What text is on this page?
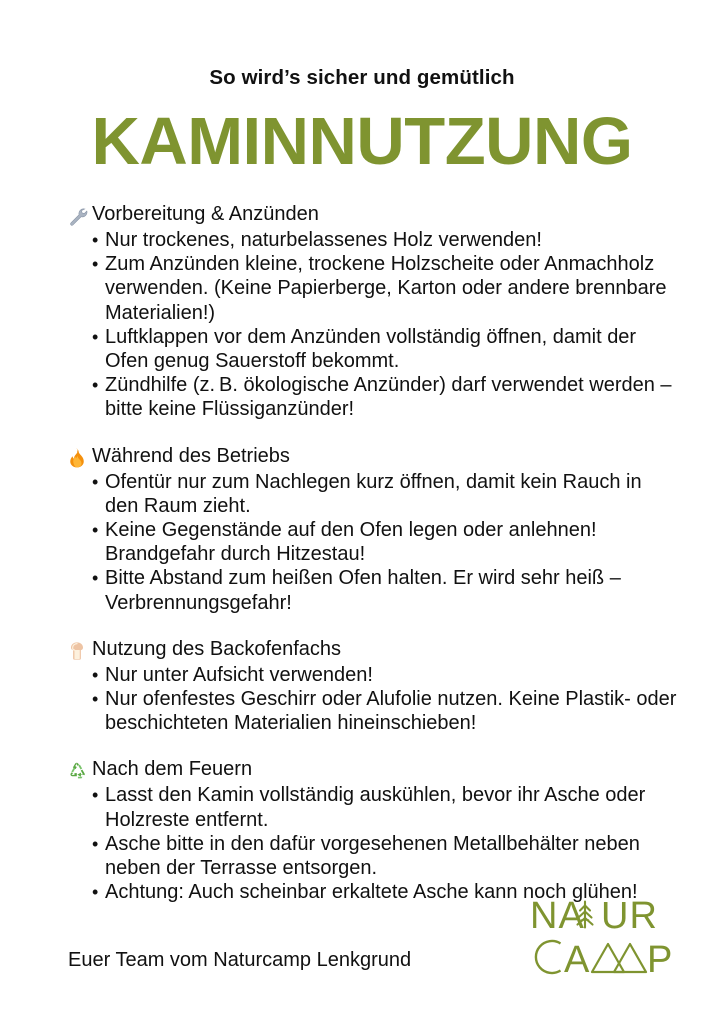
So wird’s sicher und gemütlich
KAMINNUTZUNG
Vorbereitung & Anzünden
• Nur trockenes, naturbelassenes Holz verwenden!
• Zum Anzünden kleine, trockene Holzscheite oder Anmachholz verwenden. (Keine Papierberge, Karton oder andere brennbare Materialien!)
• Luftklappen vor dem Anzünden vollständig öffnen, damit der Ofen genug Sauerstoff bekommt.
• Zündhilfe (z. B. ökologische Anzünder) darf verwendet werden – bitte keine Flüssiganzünder!
Während des Betriebs
• Ofentür nur zum Nachlegen kurz öffnen, damit kein Rauch in den Raum zieht.
• Keine Gegenstände auf den Ofen legen oder anlehnen! Brandgefahr durch Hitzestau!
• Bitte Abstand zum heißen Ofen halten. Er wird sehr heiß – Verbrennungsgefahr!
Nutzung des Backofenfachs
• Nur unter Aufsicht verwenden!
• Nur ofenfestes Geschirr oder Alufolie nutzen. Keine Plastik- oder beschichteten Materialien hineinschieben!
Nach dem Feuern
• Lasst den Kamin vollständig auskühlen, bevor ihr Asche oder Holzreste entfernt.
• Asche bitte in den dafür vorgesehenen Metallbehälter neben neben der Terrasse entsorgen.
• Achtung: Auch scheinbar erkaltete Asche kann noch glühen!
Euer Team vom Naturcamp Lenkgrund
NA UR
A P
